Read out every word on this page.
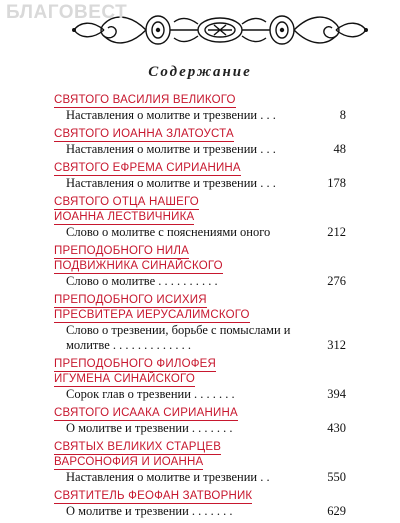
БЛАГОВЕСТ
Содержание
СВЯТОГО ВАСИЛИЯ ВЕЛИКОГО
Наставления о молитве и трезвении . . .	8
СВЯТОГО ИОАННА ЗЛАТОУСТА
Наставления о молитве и трезвении . . .	48
СВЯТОГО ЕФРЕМА СИРИАНИНА
Наставления о молитве и трезвении . . .	178
СВЯТОГО ОТЦА НАШЕГО
ИОАННА ЛЕСТВИЧНИКА
Слово о молитве с пояснениями оного	212
ПРЕПОДОБНОГО НИЛА
ПОДВИЖНИКА СИНАЙСКОГО
Слово о молитве . . . . . . . . . .	276
ПРЕПОДОБНОГО ИСИХИЯ
ПРЕСВИТЕРА ИЕРУСАЛИМСКОГО
Слово о трезвении, борьбе с помыслами и молитве . . . . . . . . . . . . .	312
ПРЕПОДОБНОГО ФИЛОФЕЯ
ИГУМЕНА СИНАЙСКОГО
Сорок глав о трезвении . . . . . . .	394
СВЯТОГО ИСААКА СИРИАНИНА
О молитве и трезвении . . . . . . .	430
СВЯТЫХ ВЕЛИКИХ СТАРЦЕВ
ВАРСОНОФИЯ И ИОАННА
Наставления о молитве и трезвении . .	550
СВЯТИТЕЛЬ ФЕОФАН ЗАТВОРНИК
О молитве и трезвении . . . . . . .	629
